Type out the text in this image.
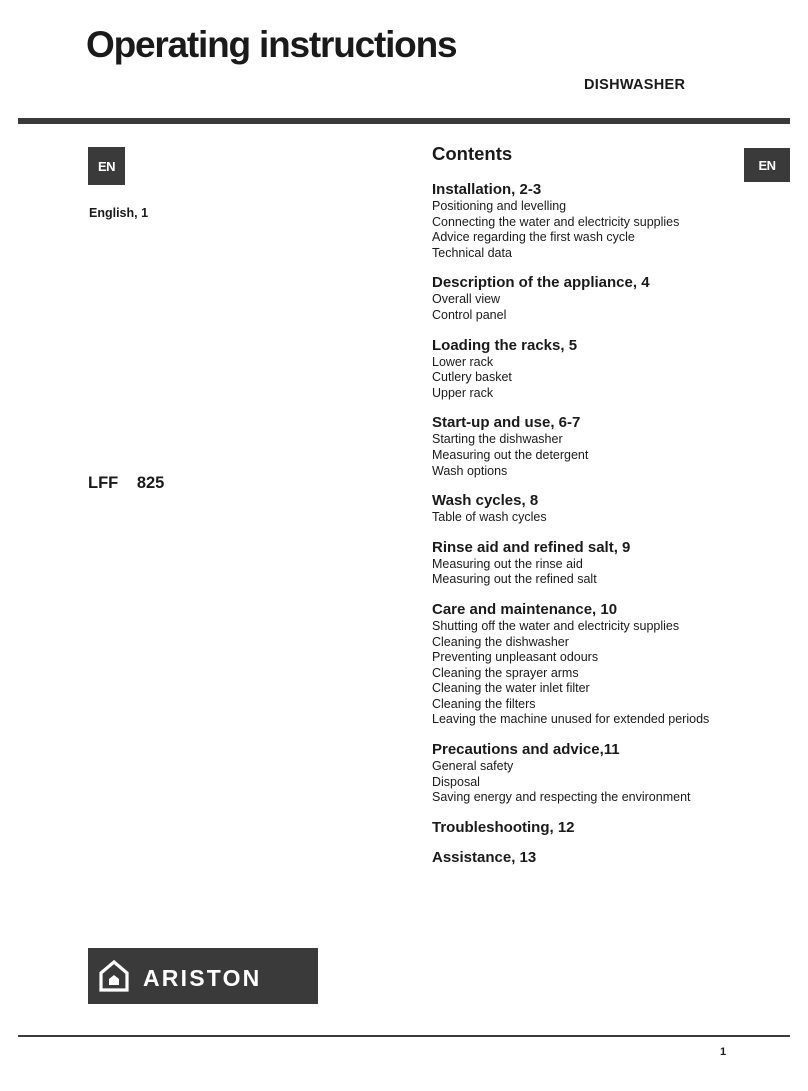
Operating instructions
DISHWASHER
EN	EN
English, 1
LFF 825
Contents
Installation, 2-3
Positioning and levelling
Connecting the water and electricity supplies
Advice regarding the first wash cycle
Technical data
Description of the appliance, 4
Overall view
Control panel
Loading the racks, 5
Lower rack
Cutlery basket
Upper rack
Start-up and use, 6-7
Starting the dishwasher
Measuring out the detergent
Wash options
Wash cycles, 8
Table of wash cycles
Rinse aid and refined salt, 9
Measuring out the rinse aid
Measuring out the refined salt
Care and maintenance, 10
Shutting off the water and electricity supplies
Cleaning the dishwasher
Preventing unpleasant odours
Cleaning the sprayer arms
Cleaning the water inlet filter
Cleaning the filters
Leaving the machine unused for extended periods
Precautions and advice,11
General safety
Disposal
Saving energy and respecting the environment
Troubleshooting, 12
Assistance, 13
ARISTON
1
